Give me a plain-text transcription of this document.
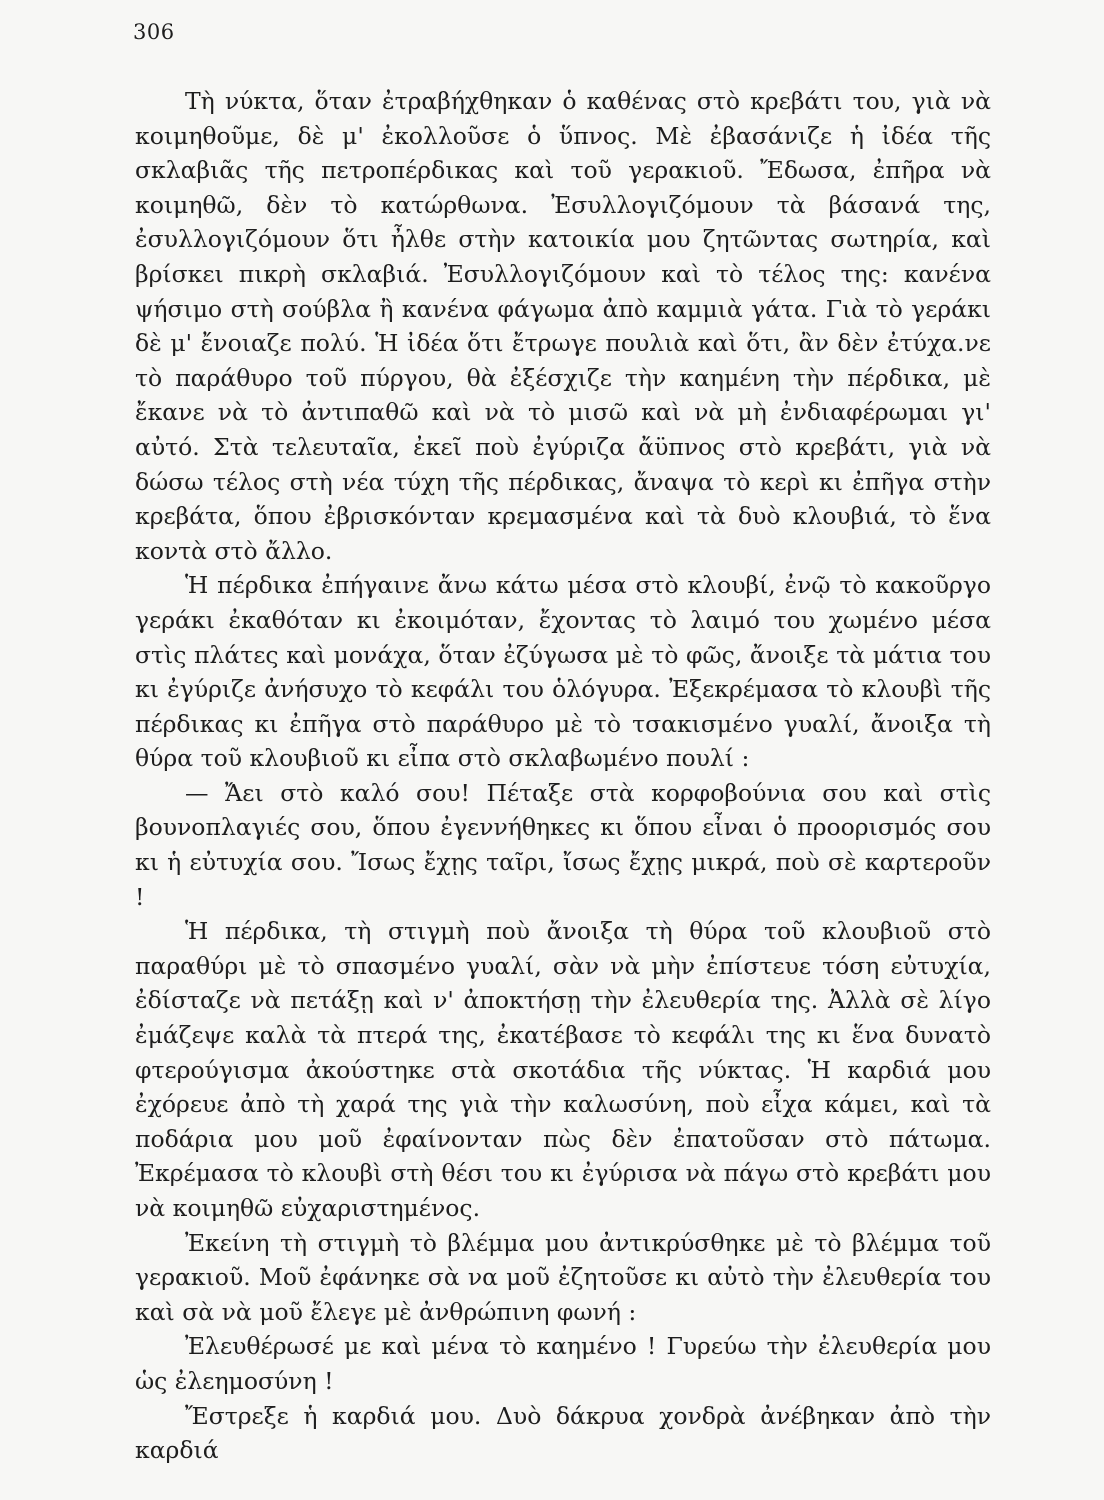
306

Τὴ νύκτα, ὅταν ἐτραβήχθηκαν ὁ καθένας στὸ κρεβάτι του, γιὰ νὰ κοιμηθοῦμε, δὲ μ' ἐκολλοῦσε ὁ ὕπνος. Μὲ ἐβασάνιζε ἡ ἰδέα τῆς σκλαβιᾶς τῆς πετροπέρδικας καὶ τοῦ γερακιοῦ. Ἔδωσα, ἐπῆρα νὰ κοιμηθῶ, δὲν τὸ κατώρθωνα. Ἐσυλλογιζόμουν τὰ βάσανά της, ἐσυλλογιζόμουν ὅτι ἦλθε στὴν κατοικία μου ζητῶντας σωτηρία, καὶ βρίσκει πικρὴ σκλαβιά. Ἐσυλλογιζόμουν καὶ τὸ τέλος της: κανένα ψήσιμο στὴ σούβλα ἢ κανένα φάγωμα ἀπὸ καμμιὰ γάτα. Γιὰ τὸ γεράκι δὲ μ' ἔνοιαζε πολύ. Ἡ ἰδέα ὅτι ἔτρωγε πουλιὰ καὶ ὅτι, ἂν δὲν ἐτύχα.νε τὸ παράθυρο τοῦ πύργου, θὰ ἐξέσχιζε τὴν καημένη τὴν πέρδικα, μὲ ἔκανε νὰ τὸ ἀντιπαθῶ καὶ νὰ τὸ μισῶ καὶ νὰ μὴ ἐνδιαφέρωμαι γι' αὐτό. Στὰ τελευταῖα, ἐκεῖ ποὺ ἐγύριζα ἄϋπνος στὸ κρεβάτι, γιὰ νὰ δώσω τέλος στὴ νέα τύχη τῆς πέρδικας, ἄναψα τὸ κερὶ κι ἐπῆγα στὴν κρεβάτα, ὅπου ἐβρισκόνταν κρεμασμένα καὶ τὰ δυὸ κλουβιά, τὸ ἕνα κοντὰ στὸ ἄλλο.

Ἡ πέρδικα ἐπήγαινε ἄνω κάτω μέσα στὸ κλουβί, ἐνῷ τὸ κακοῦργο γεράκι ἐκαθόταν κι ἐκοιμόταν, ἔχοντας τὸ λαιμό του χωμένο μέσα στὶς πλάτες καὶ μονάχα, ὅταν ἐζύγωσα μὲ τὸ φῶς, ἄνοιξε τὰ μάτια του κι ἐγύριζε ἀνήσυχο τὸ κεφάλι του ὁλόγυρα. Ἐξεκρέμασα τὸ κλουβὶ τῆς πέρδικας κι ἐπῆγα στὸ παράθυρο μὲ τὸ τσακισμένο γυαλί, ἄνοιξα τὴ θύρα τοῦ κλουβιοῦ κι εἶπα στὸ σκλαβωμένο πουλί :

— Ἄει στὸ καλό σου! Πέταξε στὰ κορφοβούνια σου καὶ στὶς βουνοπλαγιές σου, ὅπου ἐγεννήθηκες κι ὅπου εἶναι ὁ προορισμός σου κι ἡ εὐτυχία σου. Ἴσως ἔχῃς ταῖρι, ἴσως ἔχῃς μικρά, ποὺ σὲ καρτεροῦν !

Ἡ πέρδικα, τὴ στιγμὴ ποὺ ἄνοιξα τὴ θύρα τοῦ κλουβιοῦ στὸ παραθύρι μὲ τὸ σπασμένο γυαλί, σὰν νὰ μὴν ἐπίστευε τόση εὐτυχία, ἐδίσταζε νὰ πετάξῃ καὶ ν' ἀποκτήσῃ τὴν ἐλευθερία της. Ἀλλὰ σὲ λίγο ἐμάζεψε καλὰ τὰ πτερά της, ἐκατέβασε τὸ κεφάλι της κι ἕνα δυνατὸ φτερούγισμα ἀκούστηκε στὰ σκοτάδια τῆς νύκτας. Ἡ καρδιά μου ἐχόρευε ἀπὸ τὴ χαρά της γιὰ τὴν καλωσύνη, ποὺ εἶχα κάμει, καὶ τὰ ποδάρια μου μοῦ ἐφαίνονταν πὼς δὲν ἐπατοῦσαν στὸ πάτωμα. Ἐκρέμασα τὸ κλουβὶ στὴ θέσι του κι ἐγύρισα νὰ πάγω στὸ κρεβάτι μου νὰ κοιμηθῶ εὐχαριστημένος.

Ἐκείνη τὴ στιγμὴ τὸ βλέμμα μου ἀντικρύσθηκε μὲ τὸ βλέμμα τοῦ γερακιοῦ. Μοῦ ἐφάνηκε σὰ να μοῦ ἐζητοῦσε κι αὐτὸ τὴν ἐλευθερία του καὶ σὰ νὰ μοῦ ἔλεγε μὲ ἀνθρώπινη φωνή :

Ἐλευθέρωσέ με καὶ μένα τὸ καημένο ! Γυρεύω τὴν ἐλευθερία μου ὡς ἐλεημοσύνη !

Ἔστρεξε ἡ καρδιά μου. Δυὸ δάκρυα χονδρὰ ἀνέβηκαν ἀπὸ τὴν καρδιά
